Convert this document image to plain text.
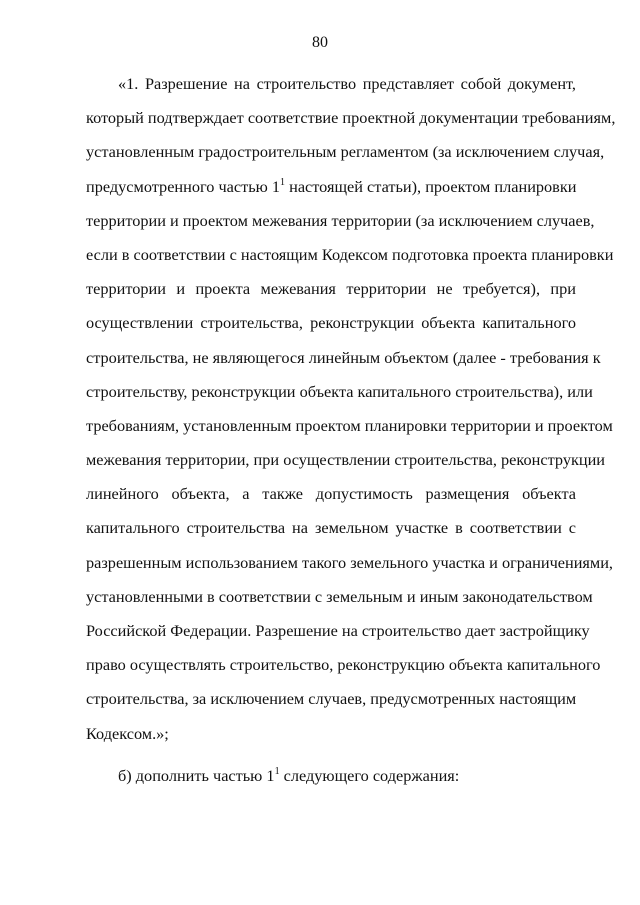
80
«1. Разрешение на строительство представляет собой документ,
который подтверждает соответствие проектной документации требованиям,
установленным градостроительным регламентом (за исключением случая,
предусмотренного частью $1^1$ настоящей статьи), проектом планировки
территории и проектом межевания территории (за исключением случаев,
если в соответствии с настоящим Кодексом подготовка проекта планировки
территории и проекта межевания территории не требуется), при
осуществлении строительства, реконструкции объекта капитального
строительства, не являющегося линейным объектом (далее - требования к
строительству, реконструкции объекта капитального строительства), или
требованиям, установленным проектом планировки территории и проектом
межевания территории, при осуществлении строительства, реконструкции
линейного объекта, а также допустимость размещения объекта
капитального строительства на земельном участке в соответствии с
разрешенным использованием такого земельного участка и ограничениями,
установленными в соответствии с земельным и иным законодательством
Российской Федерации. Разрешение на строительство дает застройщику
право осуществлять строительство, реконструкцию объекта капитального
строительства, за исключением случаев, предусмотренных настоящим
Кодексом.»;
б) дополнить частью $1^1$ следующего содержания:
